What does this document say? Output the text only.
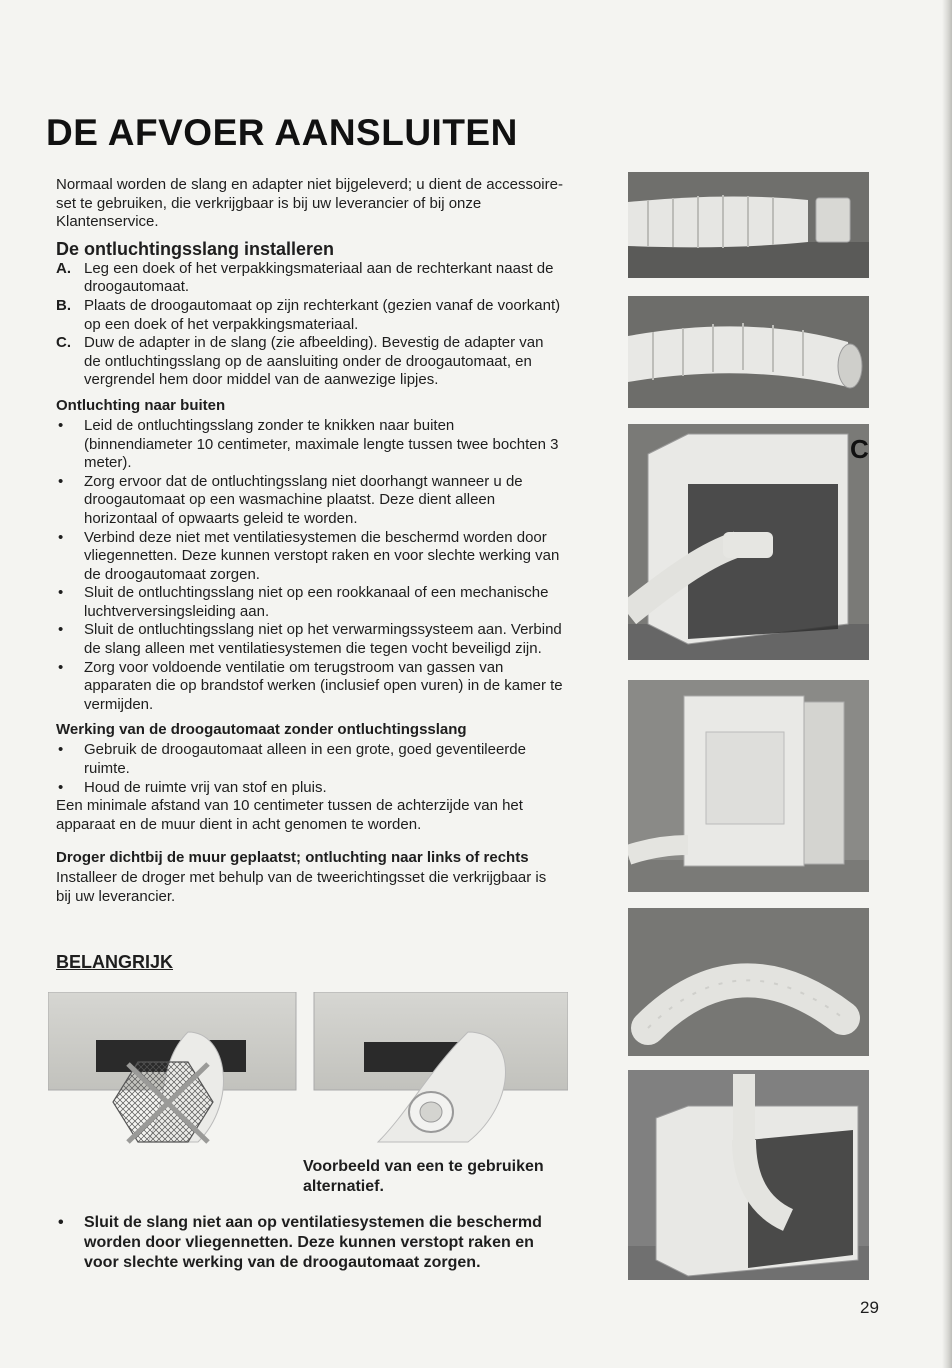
DE AFVOER AANSLUITEN

Normaal worden de slang en adapter niet bijgeleverd; u dient de accessoire-set te gebruiken, die verkrijgbaar is bij uw leverancier of bij onze Klantenservice.

De ontluchtingsslang installeren
A. Leg een doek of het verpakkingsmateriaal aan de rechterkant naast de droogautomaat.
B. Plaats de droogautomaat op zijn rechterkant (gezien vanaf de voorkant) op een doek of het verpakkingsmateriaal.
C. Duw de adapter in de slang (zie afbeelding). Bevestig de adapter van de ontluchtingsslang op de aansluiting onder de droogautomaat, en vergrendel hem door middel van de aanwezige lipjes.
Ontluchting naar buiten
• Leid de ontluchtingsslang zonder te knikken naar buiten (binnendiameter 10 centimeter, maximale lengte tussen twee bochten 3 meter).
• Zorg ervoor dat de ontluchtingsslang niet doorhangt wanneer u de droogautomaat op een wasmachine plaatst. Deze dient alleen horizontaal of opwaarts geleid te worden.
• Verbind deze niet met ventilatiesystemen die beschermd worden door vliegennetten. Deze kunnen verstopt raken en voor slechte werking van de droogautomaat zorgen.
• Sluit de ontluchtingsslang niet op een rookkanaal of een mechanische luchtverversingsleiding aan.
• Sluit de ontluchtingsslang niet op het verwarmingssysteem aan. Verbind de slang alleen met ventilatiesystemen die tegen vocht beveiligd zijn.
• Zorg voor voldoende ventilatie om terugstroom van gassen van apparaten die op brandstof werken (inclusief open vuren) in de kamer te vermijden.
Werking van de droogautomaat zonder ontluchtingsslang
• Gebruik de droogautomaat alleen in een grote, goed geventileerde ruimte.
• Houd de ruimte vrij van stof en pluis.

Een minimale afstand van 10 centimeter tussen de achterzijde van het apparaat en de muur dient in acht genomen te worden.

Droger dichtbij de muur geplaatst; ontluchting naar links of rechts

Installeer de droger met behulp van de tweerichtingsset die verkrijgbaar is bij uw leverancier.

BELANGRIJK

Voorbeeld van een te gebruiken alternatief.
•	Sluit de slang niet aan op ventilatiesystemen die beschermd worden door vliegennetten. Deze kunnen verstopt raken en voor slechte werking van de droogautomaat zorgen.
C
29
